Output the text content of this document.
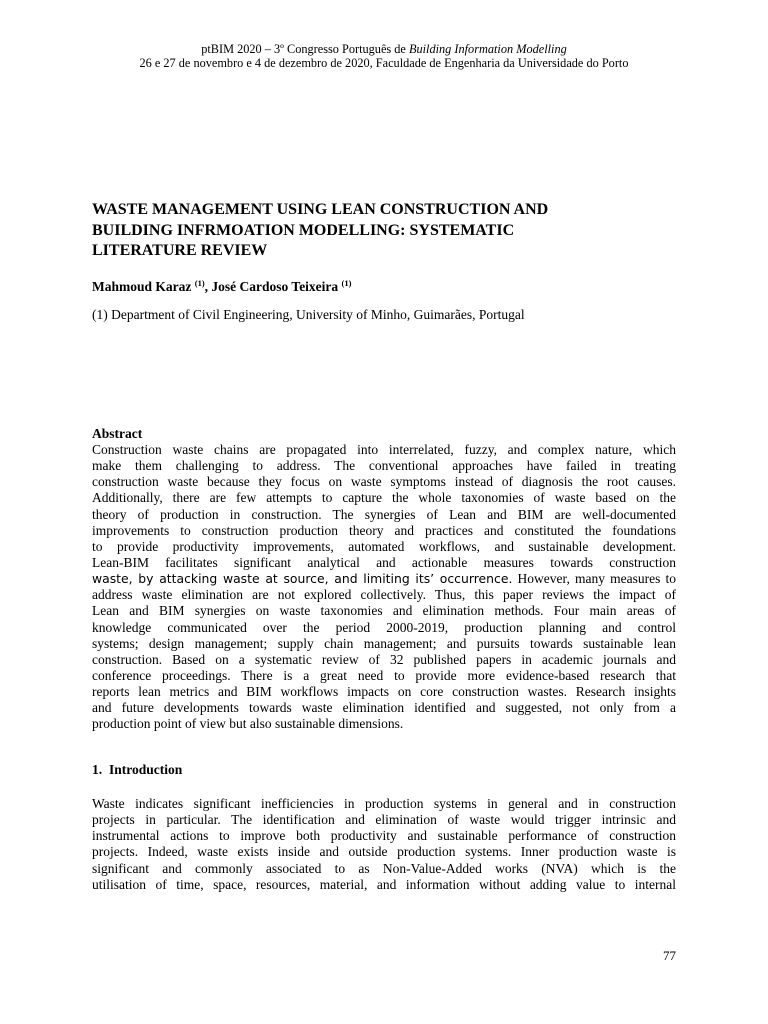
ptBIM 2020 – 3º Congresso Português de Building Information Modelling
26 e 27 de novembro e 4 de dezembro de 2020, Faculdade de Engenharia da Universidade do Porto
WASTE MANAGEMENT USING LEAN CONSTRUCTION AND
BUILDING INFRMOATION MODELLING: SYSTEMATIC
LITERATURE REVIEW
Mahmoud Karaz $^{(1)}$, José Cardoso Teixeira $^{(1)}$
(1) Department of Civil Engineering, University of Minho, Guimarães, Portugal
Abstract
Construction waste chains are propagated into interrelated, fuzzy, and complex nature, which
make them challenging to address. The conventional approaches have failed in treating
construction waste because they focus on waste symptoms instead of diagnosis the root causes.
Additionally, there are few attempts to capture the whole taxonomies of waste based on the
theory of production in construction. The synergies of Lean and BIM are well-documented
improvements to construction production theory and practices and constituted the foundations
to provide productivity improvements, automated workflows, and sustainable development.
Lean-BIM facilitates significant analytical and actionable measures towards construction
waste, by attacking waste at source, and limiting its’ occurrence. However, many measures to
address waste elimination are not explored collectively. Thus, this paper reviews the impact of
Lean and BIM synergies on waste taxonomies and elimination methods. Four main areas of
knowledge communicated over the period 2000-2019, production planning and control
systems; design management; supply chain management; and pursuits towards sustainable lean
construction. Based on a systematic review of 32 published papers in academic journals and
conference proceedings. There is a great need to provide more evidence-based research that
reports lean metrics and BIM workflows impacts on core construction wastes. Research insights
and future developments towards waste elimination identified and suggested, not only from a
production point of view but also sustainable dimensions.
1. Introduction
Waste indicates significant inefficiencies in production systems in general and in construction
projects in particular. The identification and elimination of waste would trigger intrinsic and
instrumental actions to improve both productivity and sustainable performance of construction
projects. Indeed, waste exists inside and outside production systems. Inner production waste is
significant and commonly associated to as Non-Value-Added works (NVA) which is the
utilisation of time, space, resources, material, and information without adding value to internal
77
